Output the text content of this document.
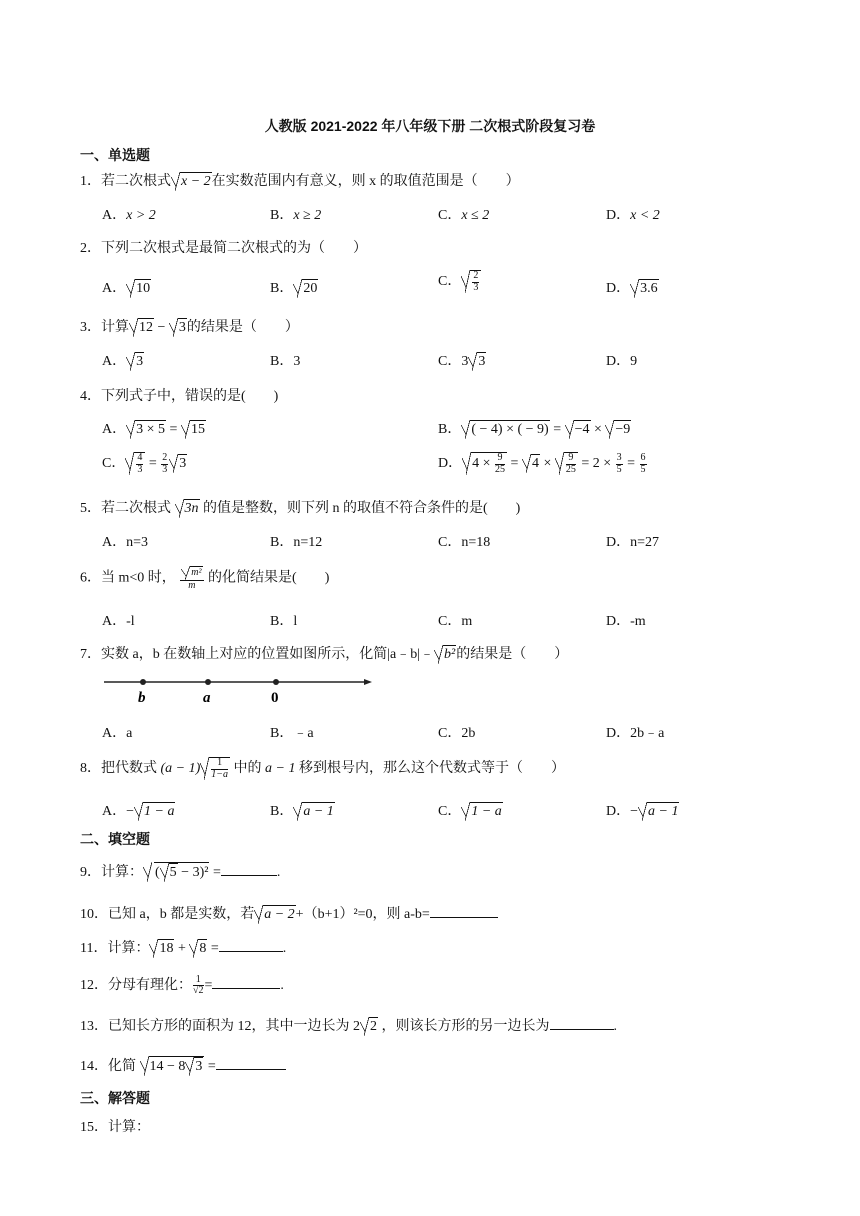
人教版 2021-2022 年八年级下册 二次根式阶段复习卷
一、单选题
1．若二次根式 x − 2在实数范围内有意义，则 x 的取值范围是（　　）
A．x > 2	B．x ≥ 2	C．x ≤ 2	D．x < 2
2．下列二次根式是最简二次根式的为（　　）
A． 10	B． 20	C． $\frac{2}{3}$	D． 3.6
3．计算 12 − 3的结果是（　　）
A． 3	B．3	C．3 3	D．9
4．下列式子中，错误的是(　　)
A． 3 × 5 = 15	B． ( − 4) × ( − 9) = −4 × −9
C． $\frac{4}{3} = \frac{2}{3} 3$	D． $4 \times \frac{9}{25} = 4 \times \frac{9}{25} = 2 \times \frac{3}{5} = \frac{6}{5}$
5．若二次根式 3n 的值是整数，则下列 n 的取值不符合条件的是(　　)
A．n=3	B．n=12	C．n=18	D．n=27
6．当 m<0 时， $\frac{\text{m²}}{m}$ 的化简结果是(　　)
A．-l	B．l	C．m	D．-m
7．实数 a，b 在数轴上对应的位置如图所示，化简|a﹣b|﹣ b²的结果是（　　）
b	a	0
A．a	B．﹣a	C．2b	D．2b﹣a
8．把代数式 $(a - 1) \frac{1}{1-a}$ 中的 a − 1 移到根号内，那么这个代数式等于（　　）
A．− 1 − a	B． a − 1	C． 1 − a	D．− a − 1
二、填空题
9．计算： ( 5 − 3)² =	.
10．已知 a，b 都是实数，若 a − 2+（b+1）²=0，则 a-b=
11．计算： 18 + 8 =	.
12．分母有理化： $\frac{1}{√2}$ =	.
13．已知长方形的面积为 12，其中一边长为 2 2 ，则该长方形的另一边长为	.
14．化简 14 − 8 3 =
三、解答题
15．计算：
